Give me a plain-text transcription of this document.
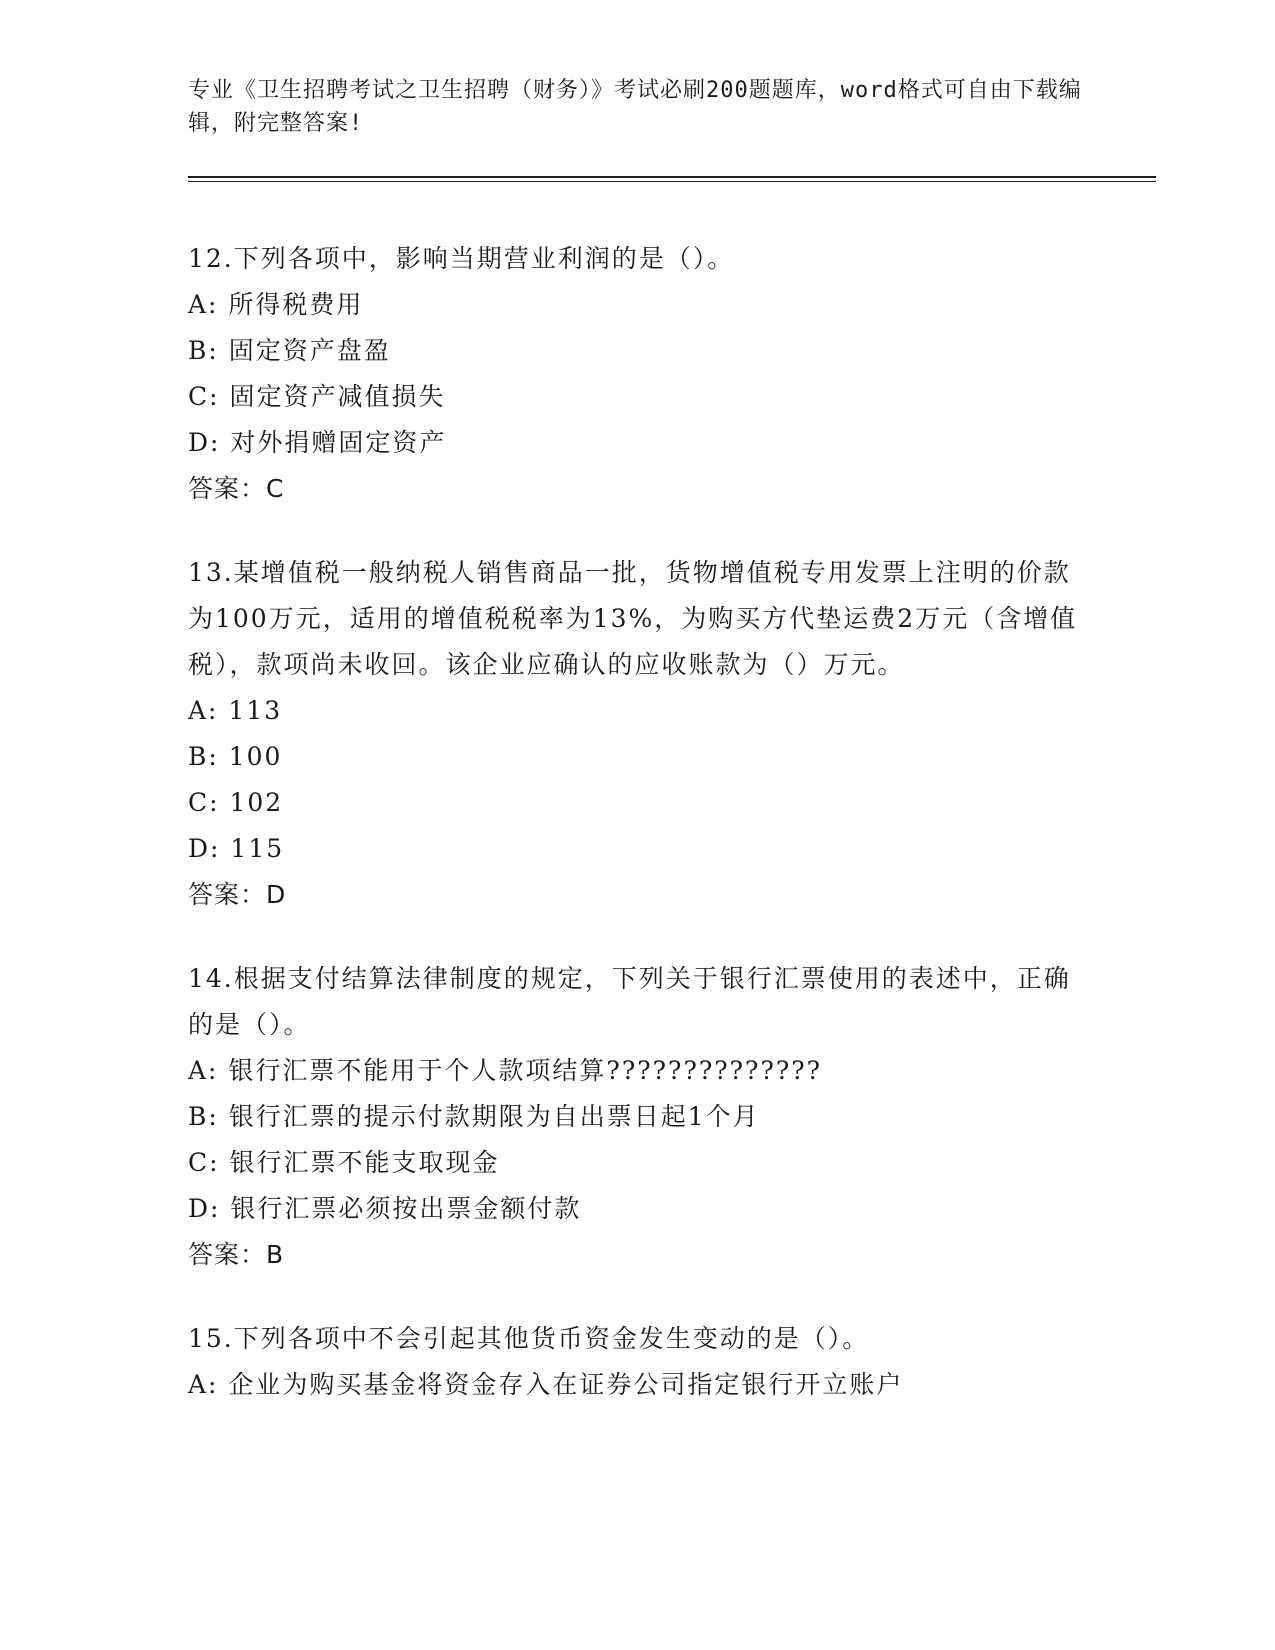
专业《卫生招聘考试之卫生招聘（财务）》考试必刷200题题库，word格式可自由下载编辑，附完整答案!

12.下列各项中，影响当期营业利润的是（）。

A: 所得税费用

B: 固定资产盘盈

C: 固定资产减值损失

D: 对外捐赠固定资产

答案：C

13.某增值税一般纳税人销售商品一批，货物增值税专用发票上注明的价款为100万元，适用的增值税税率为13%，为购买方代垫运费2万元（含增值税），款项尚未收回。该企业应确认的应收账款为（）万元。

A: 113

B: 100

C: 102

D: 115

答案：D

14.根据支付结算法律制度的规定，下列关于银行汇票使用的表述中，正确的是（）。

A: 银行汇票不能用于个人款项结算??????????????

B: 银行汇票的提示付款期限为自出票日起1个月

C: 银行汇票不能支取现金

D: 银行汇票必须按出票金额付款

答案：B

15.下列各项中不会引起其他货币资金发生变动的是（）。

A: 企业为购买基金将资金存入在证券公司指定银行开立账户
